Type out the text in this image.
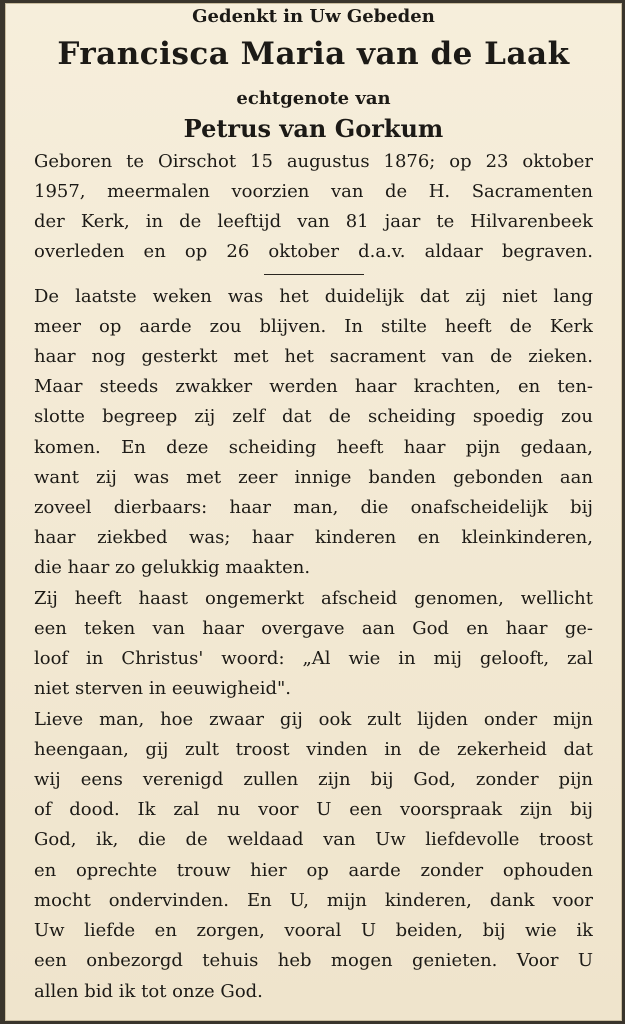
Gedenkt in Uw Gebeden
Francisca Maria van de Laak
echtgenote van
Petrus van Gorkum
Geboren te Oirschot 15 augustus 1876; op 23 oktober
1957, meermalen voorzien van de H. Sacramenten
der Kerk, in de leeftijd van 81 jaar te Hilvarenbeek
overleden en op 26 oktober d.a.v. aldaar begraven.
De laatste weken was het duidelijk dat zij niet lang
meer op aarde zou blijven. In stilte heeft de Kerk
haar nog gesterkt met het sacrament van de zieken.
Maar steeds zwakker werden haar krachten, en ten-
slotte begreep zij zelf dat de scheiding spoedig zou
komen. En deze scheiding heeft haar pijn gedaan,
want zij was met zeer innige banden gebonden aan
zoveel dierbaars: haar man, die onafscheidelijk bij
haar ziekbed was; haar kinderen en kleinkinderen,
die haar zo gelukkig maakten.
Zij heeft haast ongemerkt afscheid genomen, wellicht
een teken van haar overgave aan God en haar ge-
loof in Christus' woord: „Al wie in mij gelooft, zal
niet sterven in eeuwigheid".
Lieve man, hoe zwaar gij ook zult lijden onder mijn
heengaan, gij zult troost vinden in de zekerheid dat
wij eens verenigd zullen zijn bij God, zonder pijn
of dood. Ik zal nu voor U een voorspraak zijn bij
God, ik, die de weldaad van Uw liefdevolle troost
en oprechte trouw hier op aarde zonder ophouden
mocht ondervinden. En U, mijn kinderen, dank voor
Uw liefde en zorgen, vooral U beiden, bij wie ik
een onbezorgd tehuis heb mogen genieten. Voor U
allen bid ik tot onze God.
